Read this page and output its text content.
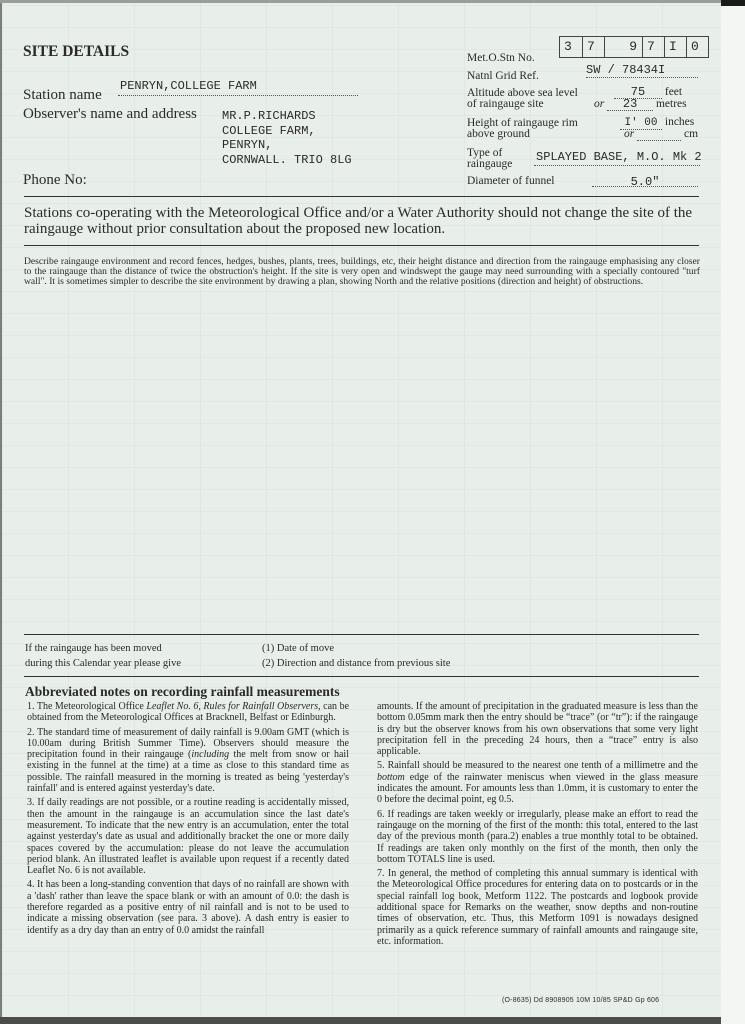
SITE DETAILS
Station name
PENRYN,COLLEGE FARM
Observer's name and address MR.P.RICHARDS
COLLEGE FARM,
PENRYN,
CORNWALL. TRIO 8LG
Phone No:
Met.O.Stn No.
3	7	9 7	I	0
Natnl Grid Ref.	SW / 78434I
Altitude above sea level
of raingauge site
75 feet
or 23 metres
Height of raingauge rim
above ground
I' 00 inches
or	cm
Type of
raingauge SPLAYED BASE, M.O. Mk 2
Diameter of funnel	5.0"
Stations co-operating with the Meteorological Office and/or a Water Authority should not change the site of the raingauge without prior consultation about the proposed new location.
Describe raingauge environment and record fences, hedges, bushes, plants, trees, buildings, etc, their height distance and direction from the raingauge emphasising any closer to the raingauge than the distance of twice the obstruction's height. If the site is very open and windswept the gauge may need surrounding with a specially contoured "turf wall". It is sometimes simpler to describe the site environment by drawing a plan, showing North and the relative positions (direction and height) of obstructions.
If the raingauge has been moved
during this Calendar year please give
(1) Date of move
(2) Direction and distance from previous site
Abbreviated notes on recording rainfall measurements

1. The Meteorological Office Leaflet No. 6, Rules for Rainfall Observers, can be obtained from the Meteorological Offices at Bracknell, Belfast or Edinburgh.

2. The standard time of measurement of daily rainfall is 9.00am GMT (which is 10.00am during British Summer Time). Observers should measure the precipitation found in their raingauge (including the melt from snow or hail existing in the funnel at the time) at a time as close to this standard time as possible. The rainfall measured in the morning is treated as being 'yesterday's rainfall' and is entered against yesterday's date.

3. If daily readings are not possible, or a routine reading is accidentally missed, then the amount in the raingauge is an accumulation since the last date's measurement. To indicate that the new entry is an accumulation, enter the total against yesterday's date as usual and additionally bracket the one or more daily spaces covered by the accumulation: please do not leave the accumulation period blank. An illustrated leaflet is available upon request if a recently dated Leaflet No. 6 is not available.

4. It has been a long-standing convention that days of no rainfall are shown with a 'dash' rather than leave the space blank or with an amount of 0.0: the dash is therefore regarded as a positive entry of nil rainfall and is not to be used to indicate a missing observation (see para. 3 above). A dash entry is easier to identify as a dry day than an entry of 0.0 amidst the rainfall

amounts. If the amount of precipitation in the graduated measure is less than the bottom 0.05mm mark then the entry should be “trace” (or “tr”): if the raingauge is dry but the observer knows from his own observations that some very light precipitation fell in the preceding 24 hours, then a “trace” entry is also applicable.

5. Rainfall should be measured to the nearest one tenth of a millimetre and the bottom edge of the rainwater meniscus when viewed in the glass measure indicates the amount. For amounts less than 1.0mm, it is customary to enter the 0 before the decimal point, eg 0.5.

6. If readings are taken weekly or irregularly, please make an effort to read the raingauge on the morning of the first of the month: this total, entered to the last day of the previous month (para.2) enables a true monthly total to be obtained. If readings are taken only monthly on the first of the month, then only the bottom TOTALS line is used.

7. In general, the method of completing this annual summary is identical with the Meteorological Office procedures for entering data on to postcards or in the special rainfall log book, Metform 1122. The postcards and logbook provide additional space for Remarks on the weather, snow depths and non-routine times of observation, etc. Thus, this Metform 1091 is nowadays designed primarily as a quick reference summary of rainfall amounts and raingauge site, etc. information.

(O-8635) Dd 8908905 10M 10/85 SP&D Gp 606
